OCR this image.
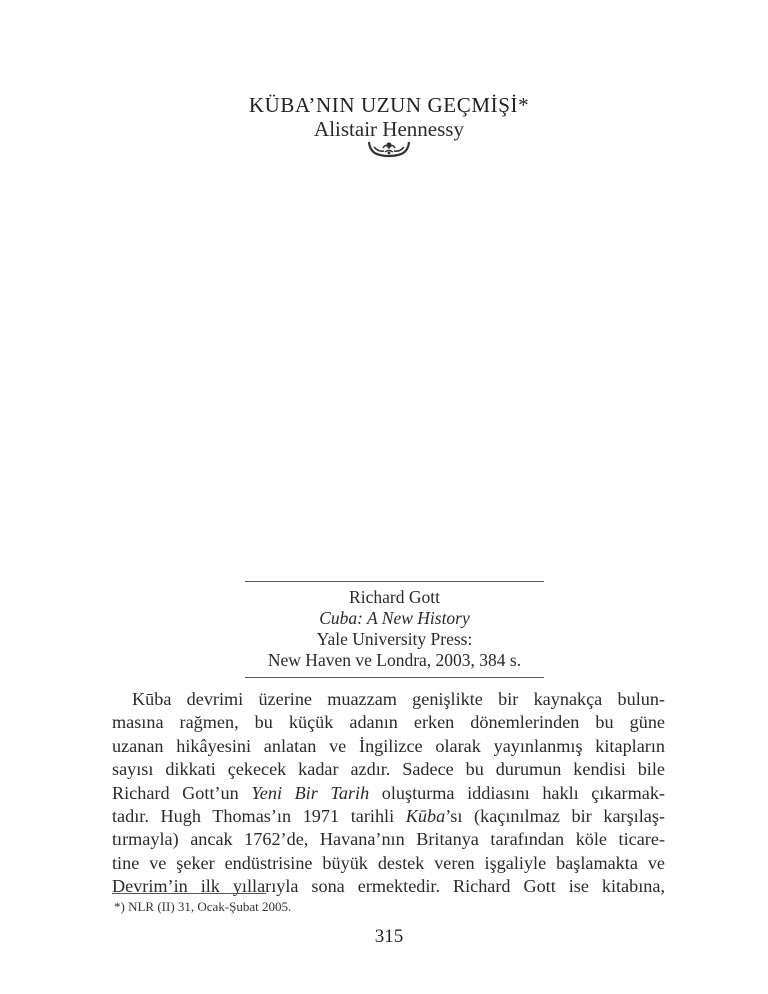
KÜBA’NIN UZUN GEÇMİŞİ*
Alistair Hennessy
Richard Gott
Cuba: A New History
Yale University Press:
New Haven ve Londra, 2003, 384 s.
Kūba devrimi üzerine muazzam genişlikte bir kaynakça bulun-
masına rağmen, bu küçük adanın erken dönemlerinden bu güne
uzanan hikâyesini anlatan ve İngilizce olarak yayınlanmış kitapların
sayısı dikkati çekecek kadar azdır. Sadece bu durumun kendisi bile
Richard Gott’un Yeni Bir Tarih oluşturma iddiasını haklı çıkarmak-
tadır. Hugh Thomas’ın 1971 tarihli Kūba’sı (kaçınılmaz bir karşılaş-
tırmayla) ancak 1762’de, Havana’nın Britanya tarafından köle ticare-
tine ve şeker endüstrisine büyük destek veren işgaliyle başlamakta ve
Devrim’in ilk yıllarıyla sona ermektedir. Richard Gott ise kitabına,
*) NLR (II) 31, Ocak-Şubat 2005.
315
